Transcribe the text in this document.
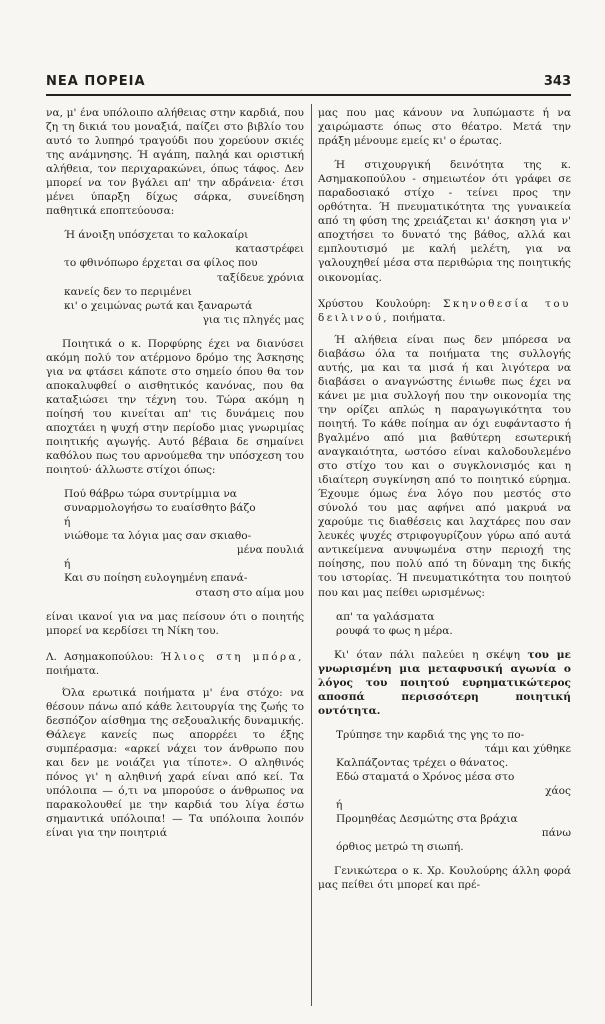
ΝΕΑ ΠΟΡΕΙΑ	343

να, μ' ένα υπόλοιπο αλήθειας στην καρδιά, που ζη τη δικιά του μοναξιά, παίζει στο βιβλίο του αυτό το λυπηρό τραγούδι που χορεύουν σκιές της ανάμνησης. Ή αγάπη, παληά και οριστική αλήθεια, τον περιχαρακώνει, όπως τάφος. Δεν μπορεί να τον βγάλει απ' την αδράνεια· έτσι μένει ύπαρξη δίχως σάρκα, συνείδηση παθητικά εποπτεύουσα:

Ή άνοιξη υπόσχεται το καλοκαίρι
καταστρέφει
το φθινόπωρο έρχεται σα φίλος που
ταξίδευε χρόνια
κανείς δεν το περιμένει
κι' ο χειμώνας ρωτά και ξαναρωτά
για τις πληγές μας

Ποιητικά ο κ. Πορφύρης έχει να διανύσει ακόμη πολύ τον ατέρμονο δρόμο της Άσκησης για να φτάσει κάποτε στο σημείο όπου θα τον αποκαλυφθεί ο αισθητικός κανόνας, που θα καταξιώσει την τέχνη του. Τώρα ακόμη η ποίησή του κινείται απ' τις δυνάμεις που αποχτάει η ψυχή στην περίοδο μιας γνωριμίας ποιητικής αγωγής. Αυτό βέβαια δε σημαίνει καθόλου πως του αρνούμεθα την υπόσχεση του ποιητού· άλλωστε στίχοι όπως:

Πού θάβρω τώρα συντρίμμια να
συναρμολογήσω το ευαίσθητο βάζο
ή
νιώθομε τα λόγια μας σαν σκιαθο-
μένα πουλιά
ή
Και συ ποίηση ευλογημένη επανά-
σταση στο αίμα μου

είναι ικανοί για να μας πείσουν ότι ο ποιητής μπορεί να κερδίσει τη Νίκη του.

Λ. Ασημακοπούλου: Ήλιος στη μπόρα, ποιήματα.

Όλα ερωτικά ποιήματα μ' ένα στόχο: να θέσουν πάνω από κάθε λειτουργία της ζωής το δεσπόζον αίσθημα της σεξουαλικής δυναμικής. Θάλεγε κανείς πως απορρέει το έξης συμπέρασμα: «αρκεί νάχει τον άνθρωπο που και δεν με νοιάζει για τίποτε». Ο αληθινός πόνος γι' η αληθινή χαρά είναι από κεί. Τα υπόλοιπα — ό,τι να μπορούσε ο άνθρωπος να παρακολουθεί με την καρδιά του λίγα έστω σημαντικά υπόλοιπα! — Τα υπόλοιπα λοιπόν είναι για την ποιητριά

μας που μας κάνουν να λυπώμαστε ή να χαιρώμαστε όπως στο θέατρο. Μετά την πράξη μένουμε εμείς κι' ο έρωτας.

Ή στιχουργική δεινότητα της κ. Ασημακοπούλου - σημειωτέον ότι γράφει σε παραδοσιακό στίχο - τείνει προς την ορθότητα. Ή πνευματικότητα της γυναικεία από τη φύση της χρειάζεται κι' άσκηση για ν' αποχτήσει το δυνατό της βάθος, αλλά και εμπλουτισμό με καλή μελέτη, για να γαλουχηθεί μέσα στα περιθώρια της ποιητικής οικονομίας.

Χρύστου Κουλούρη: Σκηνοθεσία του δειλινού, ποιήματα.

Ή αλήθεια είναι πως δεν μπόρεσα να διαβάσω όλα τα ποιήματα της συλλογής αυτής, μα και τα μισά ή και λιγότερα να διαβάσει ο αναγνώστης ένιωθε πως έχει να κάνει με μια συλλογή που την οικονομία της την ορίζει απλώς η παραγωγικότητα του ποιητή. Το κάθε ποίημα αν όχι ευφάνταστο ή βγαλμένο από μια βαθύτερη εσωτερική αναγκαιότητα, ωστόσο είναι καλοδουλεμένο στο στίχο του και ο συγκλονισμός και η ιδιαίτερη συγκίνηση από το ποιητικό εύρημα. Έχουμε όμως ένα λόγο που μεστός στο σύνολό του μας αφήνει από μακρυά να χαρούμε τις διαθέσεις και λαχτάρες που σαν λευκές ψυχές στριφογυρίζουν γύρω από αυτά αντικείμενα ανυψωμένα στην περιοχή της ποίησης, που πολύ από τη δύναμη της δικής του ιστορίας. Ή πνευματικότητα του ποιητού που και μας πείθει ωρισμένως:

απ' τα γαλάσματα
ρουφά το φως η μέρα.

Κι' όταν πάλι παλεύει η σκέψη του με γνωρισμένη μια μεταφυσική αγωνία ο λόγος του ποιητού ευρηματικώτερος αποσπά περισσότερη ποιητική οντότητα.

Τρύπησε την καρδιά της γης το πο-
τάμι και χύθηκε
Καλπάζοντας τρέχει ο θάνατος.
Εδώ σταματά ο Χρόνος μέσα στο
χάος
ή
Προμηθέας Δεσμώτης στα βράχια
πάνω
όρθιος μετρώ τη σιωπή.

Γενικώτερα ο κ. Χρ. Κουλούρης άλλη φορά μας πείθει ότι μπορεί και πρέ-
